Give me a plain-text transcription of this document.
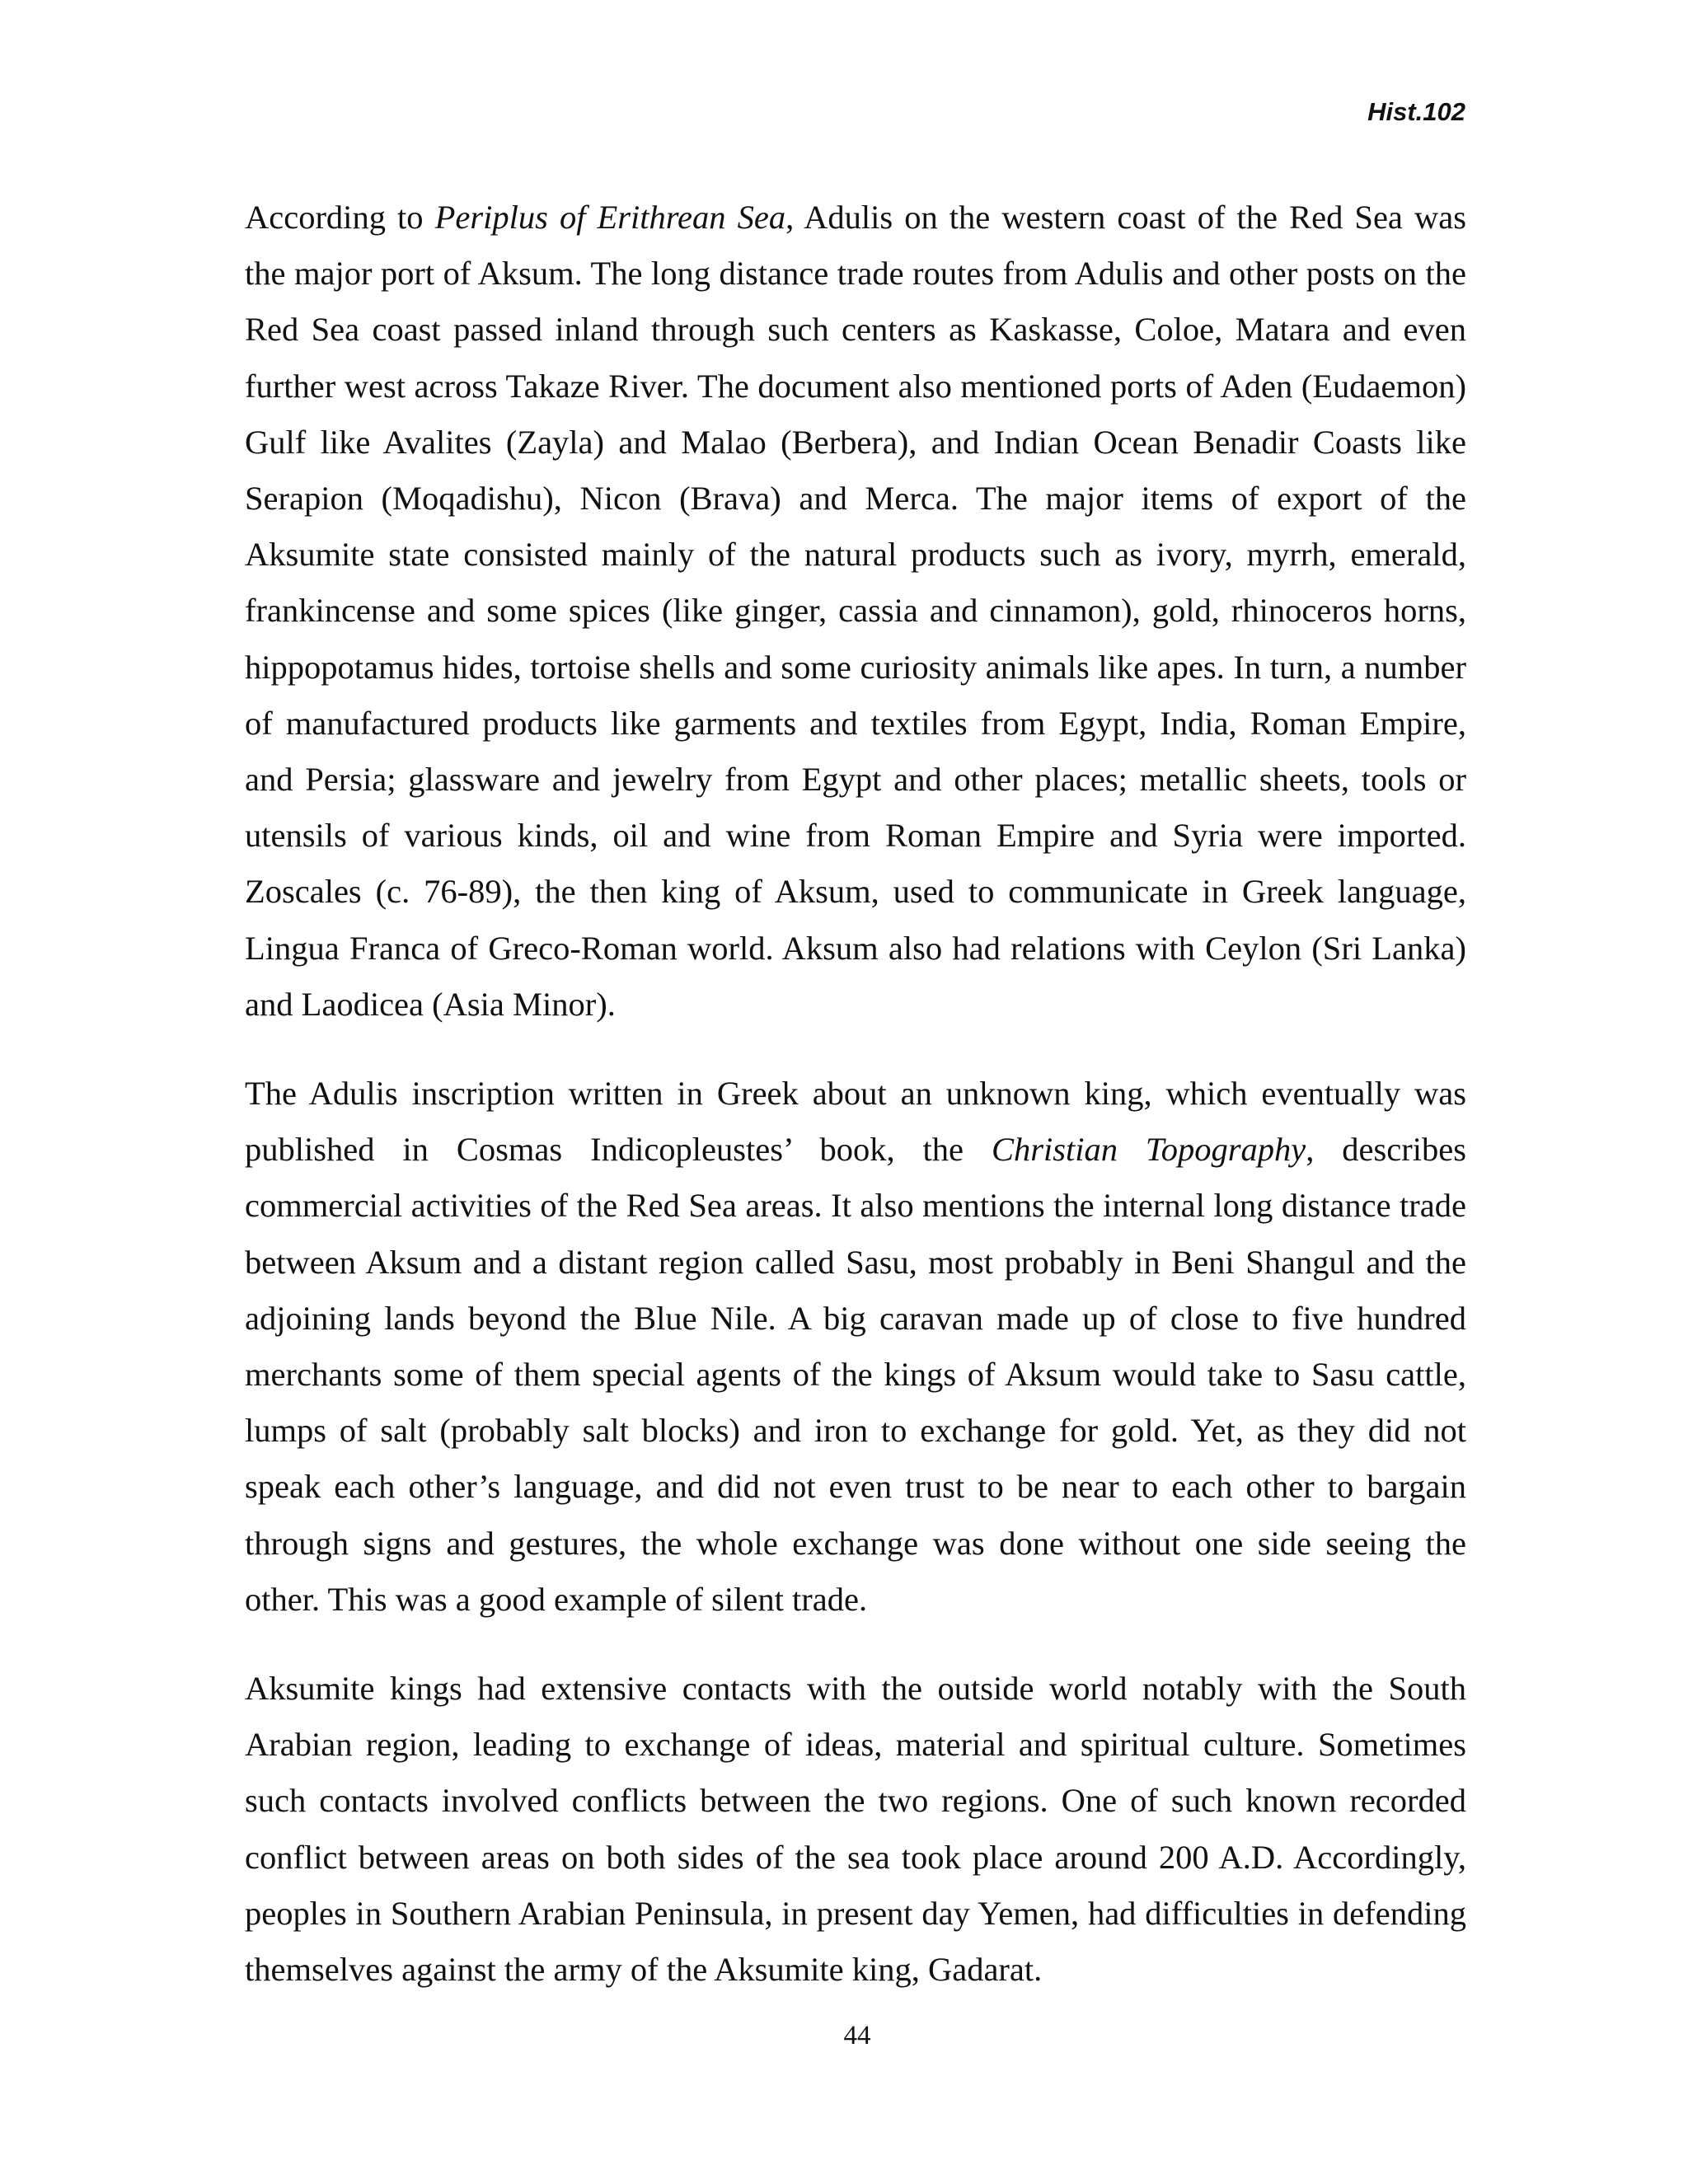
Hist.102

According to Periplus of Erithrean Sea, Adulis on the western coast of the Red Sea was the major port of Aksum. The long distance trade routes from Adulis and other posts on the Red Sea coast passed inland through such centers as Kaskasse, Coloe, Matara and even further west across Takaze River. The document also mentioned ports of Aden (Eudaemon) Gulf like Avalites (Zayla) and Malao (Berbera), and Indian Ocean Benadir Coasts like Serapion (Moqadishu), Nicon (Brava) and Merca. The major items of export of the Aksumite state consisted mainly of the natural products such as ivory, myrrh, emerald, frankincense and some spices (like ginger, cassia and cinnamon), gold, rhinoceros horns, hippopotamus hides, tortoise shells and some curiosity animals like apes. In turn, a number of manufactured products like garments and textiles from Egypt, India, Roman Empire, and Persia; glassware and jewelry from Egypt and other places; metallic sheets, tools or utensils of various kinds, oil and wine from Roman Empire and Syria were imported. Zoscales (c. 76-89), the then king of Aksum, used to communicate in Greek language, Lingua Franca of Greco-Roman world. Aksum also had relations with Ceylon (Sri Lanka) and Laodicea (Asia Minor).

The Adulis inscription written in Greek about an unknown king, which eventually was published in Cosmas Indicopleustes’ book, the Christian Topography, describes commercial activities of the Red Sea areas. It also mentions the internal long distance trade between Aksum and a distant region called Sasu, most probably in Beni Shangul and the adjoining lands beyond the Blue Nile. A big caravan made up of close to five hundred merchants some of them special agents of the kings of Aksum would take to Sasu cattle, lumps of salt (probably salt blocks) and iron to exchange for gold. Yet, as they did not speak each other’s language, and did not even trust to be near to each other to bargain through signs and gestures, the whole exchange was done without one side seeing the other. This was a good example of silent trade.

Aksumite kings had extensive contacts with the outside world notably with the South Arabian region, leading to exchange of ideas, material and spiritual culture. Sometimes such contacts involved conflicts between the two regions. One of such known recorded conflict between areas on both sides of the sea took place around 200 A.D. Accordingly, peoples in Southern Arabian Peninsula, in present day Yemen, had difficulties in defending themselves against the army of the Aksumite king, Gadarat.

44
